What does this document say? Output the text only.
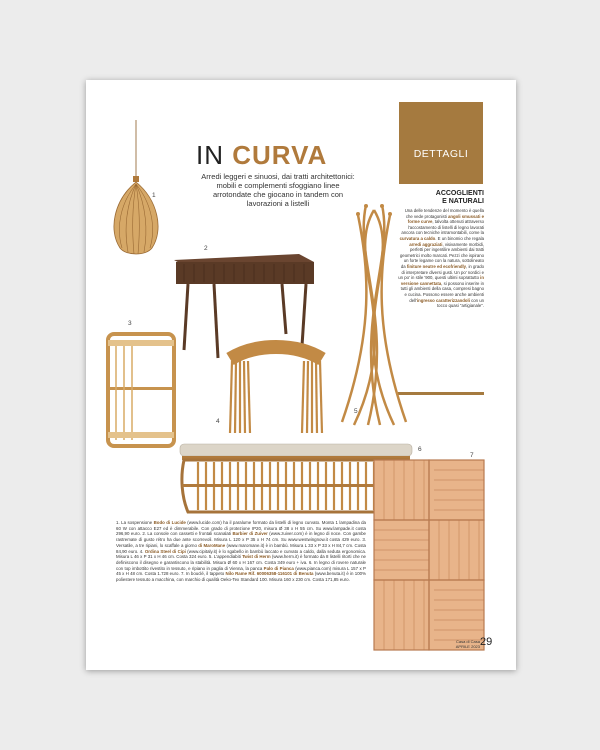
IN CURVA
Arredi leggeri e sinuosi, dai tratti architettonici: mobili e complementi sfoggiano linee arrotondate che giocano in tandem con lavorazioni a listelli
DETTAGLI
ACCOGLIENTI
E NATURALI
Una delle tendenze del momento è quella che vede protagonisti angoli smussati e forme curve, talvolta ottenuti attraverso l'accostamento di listelli di legno lavorati ancora con tecniche intramontabili, come la curvatura a caldo. E un binomio che regala arredi aggraziati, visivamente morbidi, perfetti per ingentilire ambienti dai tratti geometrici molto marcati. Pezzi che ispirano un forte legame con la natura, sottolineato da finiture neutre ed ecofriendly, in grado di interpretare diversi gusti. Un po' nordici e un po' in stile '900, questi ultimi soprattutto in versione cannettata, si possono inserire in tutti gli ambienti della casa, compresi bagno e cucina. Possono essere anche ambienti dell'ingresso caratterizzandoli con un tocco quasi "artigianale".
1
2
3
4
5
6
7
1. La sospensione Bodo di Lucide (www.lucide.com) ha il paralume formato da listelli di legno curvato. Monta 1 lampadina da 60 W con attacco E27 ed è dimmerabile. Con grado di protezione IP20, misura Ø 38 x H 55 cm. Su www.lampade.it costa 296,90 euro. 2. La console con cassetti e frontali scanalati Barbier di Zuiver (www.zuiver.com) è in legno di noce. Con gambe rastremate di gusto rétro ha due ante scorrevoli. Misura L 120 x P 35 x H 74 cm. Su www.westwingnow.it costa 429 euro. 3. Versatile, a tre ripiani, lo scaffale a giorno di MaroMane (www.maromane.it) è in bambù. Misura L 33 x P 33 x H 84,7 cm. Costa 84,90 euro. 4. Ordina Steel di Cipi (www.cipitaly.it) è lo sgabello in bambù laccato e curvato a caldo, dalla seduta ergonomica. Misura L 46 x P 31 x H 46 cm. Costa 324 euro. 5. L'appendiabiti Twist di Herm (www.herm.it) è formato da 8 listelli ritorti che ne definiscono il disegno e garantiscono la stabilità. Misura Ø 60 x H 167 cm. Costa 349 euro + iva. 6. In legno di rovere naturale con top imbottito rivestito in tessuto, e ripiano in paglia di Vienna, la panca Palo di Pianca (www.pianca.com) misura L 157 x P 45 x H 48 cm. Costa 1.728 euro. 7. In bouclé, il tappeto Nilo Rame Rif. 60006358-116101 di Benuta (www.benuta.it) è in 100% poliestere tessuto a macchina, con marchio di qualità Oeko-Tex Standard 100. Misura 160 x 230 cm. Costa 171,85 euro.
Casa di Casa
APRILE 2023 29
